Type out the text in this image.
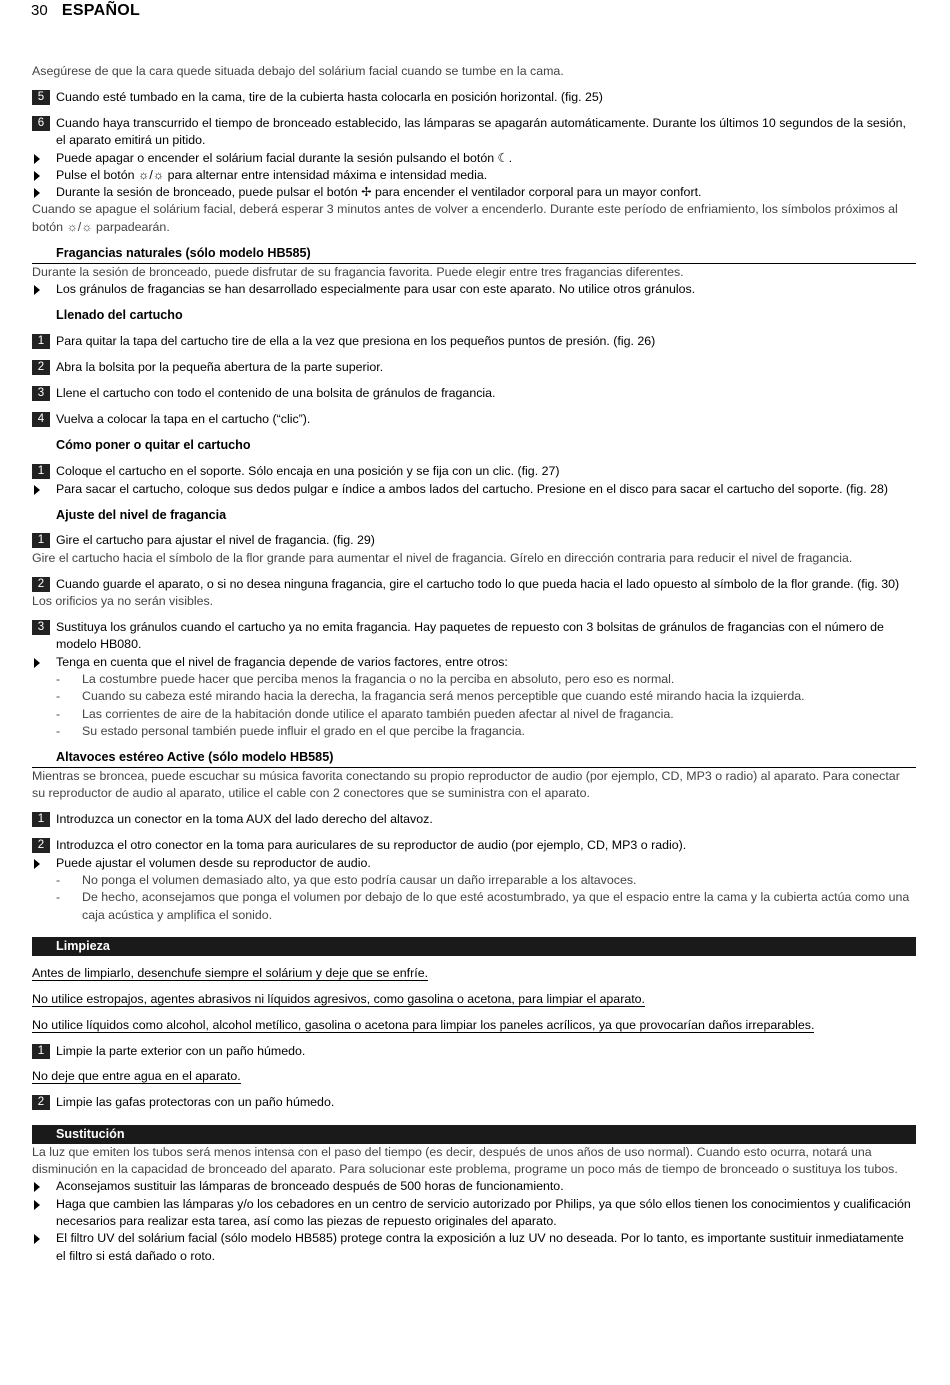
30 ESPAÑOL
Asegúrese de que la cara quede situada debajo del solárium facial cuando se tumbe en la cama.
5 Cuando esté tumbado en la cama, tire de la cubierta hasta colocarla en posición horizontal. (fig. 25)
6 Cuando haya transcurrido el tiempo de bronceado establecido, las lámparas se apagarán automáticamente. Durante los últimos 10 segundos de la sesión, el aparato emitirá un pitido.
Puede apagar o encender el solárium facial durante la sesión pulsando el botón ☾.
Pulse el botón ☼/☼ para alternar entre intensidad máxima e intensidad media.
Durante la sesión de bronceado, puede pulsar el botón ✢ para encender el ventilador corporal para un mayor confort.
Cuando se apague el solárium facial, deberá esperar 3 minutos antes de volver a encenderlo. Durante este período de enfriamiento, los símbolos próximos al botón ☼/☼ parpadearán.
Fragancias naturales (sólo modelo HB585)
Durante la sesión de bronceado, puede disfrutar de su fragancia favorita. Puede elegir entre tres fragancias diferentes.
Los gránulos de fragancias se han desarrollado especialmente para usar con este aparato. No utilice otros gránulos.
Llenado del cartucho
1 Para quitar la tapa del cartucho tire de ella a la vez que presiona en los pequeños puntos de presión. (fig. 26)
2 Abra la bolsita por la pequeña abertura de la parte superior.
3 Llene el cartucho con todo el contenido de una bolsita de gránulos de fragancia.
4 Vuelva a colocar la tapa en el cartucho (“clic”).
Cómo poner o quitar el cartucho
1 Coloque el cartucho en el soporte. Sólo encaja en una posición y se fija con un clic. (fig. 27)
Para sacar el cartucho, coloque sus dedos pulgar e índice a ambos lados del cartucho. Presione en el disco para sacar el cartucho del soporte. (fig. 28)
Ajuste del nivel de fragancia
1 Gire el cartucho para ajustar el nivel de fragancia. (fig. 29)
Gire el cartucho hacia el símbolo de la flor grande para aumentar el nivel de fragancia. Gírelo en dirección contraria para reducir el nivel de fragancia.
2 Cuando guarde el aparato, o si no desea ninguna fragancia, gire el cartucho todo lo que pueda hacia el lado opuesto al símbolo de la flor grande. (fig. 30)
Los orificios ya no serán visibles.
3 Sustituya los gránulos cuando el cartucho ya no emita fragancia. Hay paquetes de repuesto con 3 bolsitas de gránulos de fragancias con el número de modelo HB080.
Tenga en cuenta que el nivel de fragancia depende de varios factores, entre otros:
- La costumbre puede hacer que perciba menos la fragancia o no la perciba en absoluto, pero eso es normal.
- Cuando su cabeza esté mirando hacia la derecha, la fragancia será menos perceptible que cuando esté mirando hacia la izquierda.
- Las corrientes de aire de la habitación donde utilice el aparato también pueden afectar al nivel de fragancia.
- Su estado personal también puede influir el grado en el que percibe la fragancia.
Altavoces estéreo Active (sólo modelo HB585)
Mientras se broncea, puede escuchar su música favorita conectando su propio reproductor de audio (por ejemplo, CD, MP3 o radio) al aparato. Para conectar su reproductor de audio al aparato, utilice el cable con 2 conectores que se suministra con el aparato.
1 Introduzca un conector en la toma AUX del lado derecho del altavoz.
2 Introduzca el otro conector en la toma para auriculares de su reproductor de audio (por ejemplo, CD, MP3 o radio).
Puede ajustar el volumen desde su reproductor de audio.
- No ponga el volumen demasiado alto, ya que esto podría causar un daño irreparable a los altavoces.
- De hecho, aconsejamos que ponga el volumen por debajo de lo que esté acostumbrado, ya que el espacio entre la cama y la cubierta actúa como una caja acústica y amplifica el sonido.
Limpieza
Antes de limpiarlo, desenchufe siempre el solárium y deje que se enfríe.
No utilice estropajos, agentes abrasivos ni líquidos agresivos, como gasolina o acetona, para limpiar el aparato.
No utilice líquidos como alcohol, alcohol metílico, gasolina o acetona para limpiar los paneles acrílicos, ya que provocarían daños irreparables.
1 Limpie la parte exterior con un paño húmedo.
No deje que entre agua en el aparato.
2 Limpie las gafas protectoras con un paño húmedo.
Sustitución
La luz que emiten los tubos será menos intensa con el paso del tiempo (es decir, después de unos años de uso normal). Cuando esto ocurra, notará una disminución en la capacidad de bronceado del aparato. Para solucionar este problema, programe un poco más de tiempo de bronceado o sustituya los tubos.
Aconsejamos sustituir las lámparas de bronceado después de 500 horas de funcionamiento.
Haga que cambien las lámparas y/o los cebadores en un centro de servicio autorizado por Philips, ya que sólo ellos tienen los conocimientos y cualificación necesarios para realizar esta tarea, así como las piezas de repuesto originales del aparato.
El filtro UV del solárium facial (sólo modelo HB585) protege contra la exposición a luz UV no deseada. Por lo tanto, es importante sustituir inmediatamente el filtro si está dañado o roto.
